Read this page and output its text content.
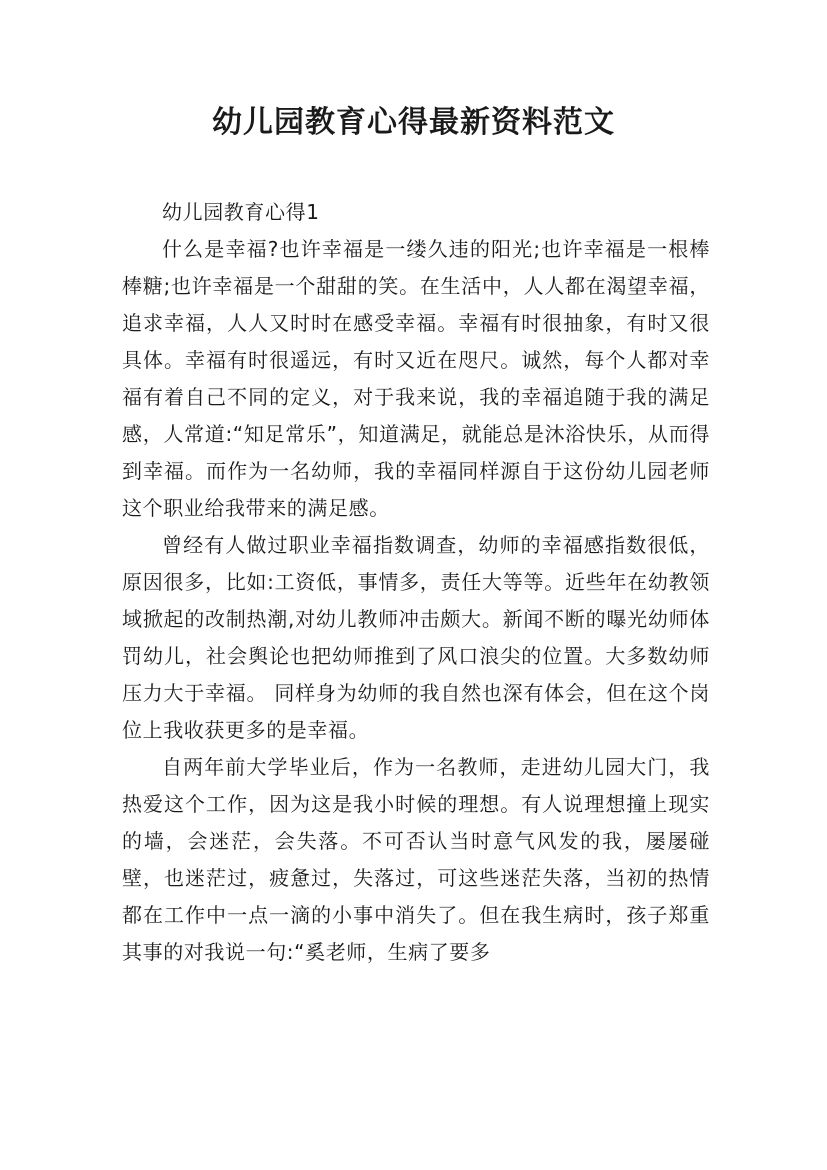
幼儿园教育心得最新资料范文

幼儿园教育心得1

什么是幸福?也许幸福是一缕久违的阳光;也许幸福是一根棒棒糖;也许幸福是一个甜甜的笑。在生活中，人人都在渴望幸福，追求幸福，人人又时时在感受幸福。幸福有时很抽象，有时又很具体。幸福有时很遥远，有时又近在咫尺。诚然，每个人都对幸福有着自己不同的定义，对于我来说，我的幸福追随于我的满足感，人常道:“知足常乐”，知道满足，就能总是沐浴快乐，从而得到幸福。而作为一名幼师，我的幸福同样源自于这份幼儿园老师这个职业给我带来的满足感。

曾经有人做过职业幸福指数调查，幼师的幸福感指数很低，原因很多，比如:工资低，事情多，责任大等等。近些年在幼教领域掀起的改制热潮,对幼儿教师冲击颇大。新闻不断的曝光幼师体罚幼儿，社会舆论也把幼师推到了风口浪尖的位置。大多数幼师压力大于幸福。 同样身为幼师的我自然也深有体会，但在这个岗位上我收获更多的是幸福。

自两年前大学毕业后，作为一名教师，走进幼儿园大门，我热爱这个工作，因为这是我小时候的理想。有人说理想撞上现实的墙，会迷茫，会失落。不可否认当时意气风发的我，屡屡碰壁，也迷茫过，疲惫过，失落过，可这些迷茫失落，当初的热情都在工作中一点一滴的小事中消失了。但在我生病时，孩子郑重其事的对我说一句:“奚老师，生病了要多
